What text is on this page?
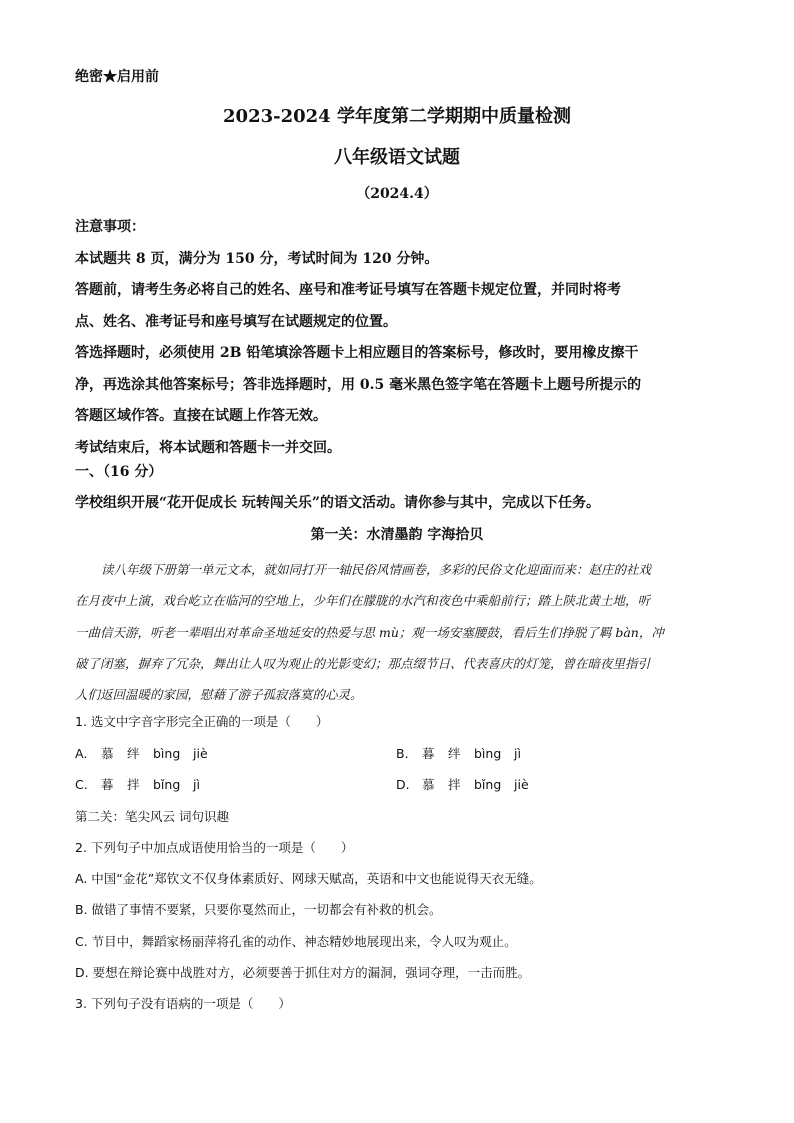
绝密★启用前
2023-2024 学年度第二学期期中质量检测
八年级语文试题
（2024.4）
注意事项：
本试题共 8 页，满分为 150 分，考试时间为 120 分钟。
答题前，请考生务必将自己的姓名、座号和准考证号填写在答题卡规定位置，并同时将考
点、姓名、准考证号和座号填写在试题规定的位置。
答选择题时，必须使用 2B 铅笔填涂答题卡上相应题目的答案标号，修改时，要用橡皮擦干
净，再选涂其他答案标号；答非选择题时，用 0.5 毫米黑色签字笔在答题卡上题号所提示的
答题区域作答。直接在试题上作答无效。
考试结束后，将本试题和答题卡一并交回。
一、（16 分）
学校组织开展“花开促成长 玩转闯关乐”的语文活动。请你参与其中，完成以下任务。
第一关：水清墨韵 字海拾贝
读八年级下册第一单元文本，就如同打开一轴民俗风情画卷，多彩的民俗文化迎面而来：赵庄的社戏
在月夜中上演，戏台屹立在临河的空地上，少年们在朦胧的水汽和夜色中乘船前行；踏上陕北黄土地，听
一曲信天游，听老一辈唱出对革命圣地延安的热爱与思 mù；观一场安塞腰鼓，看后生们挣脱了羁 bàn，冲
破了闭塞，摒弃了冗杂，舞出让人叹为观止的光影变幻；那点缀节日、代表喜庆的灯笼，曾在暗夜里指引
人们返回温暖的家园，慰藉了游子孤寂落寞的心灵。
1. 选文中字音字形完全正确的一项是（　　）
A. 慕 绊 bìng jiè	B. 暮 绊 bìng jì
C. 暮 拌 bǐng jì	D. 慕 拌 bǐng jiè
第二关：笔尖风云 词句识趣
2. 下列句子中加点成语使用恰当的一项是（　　）
A. 中国“金花”郑钦文不仅身体素质好、网球天赋高，英语和中文也能说得天衣无缝。
B. 做错了事情不要紧，只要你戛然而止，一切都会有补救的机会。
C. 节目中，舞蹈家杨丽萍将孔雀的动作、神态精妙地展现出来，令人叹为观止。
D. 要想在辩论赛中战胜对方，必须要善于抓住对方的漏洞，强词夺理，一击而胜。
3. 下列句子没有语病的一项是（　　）
